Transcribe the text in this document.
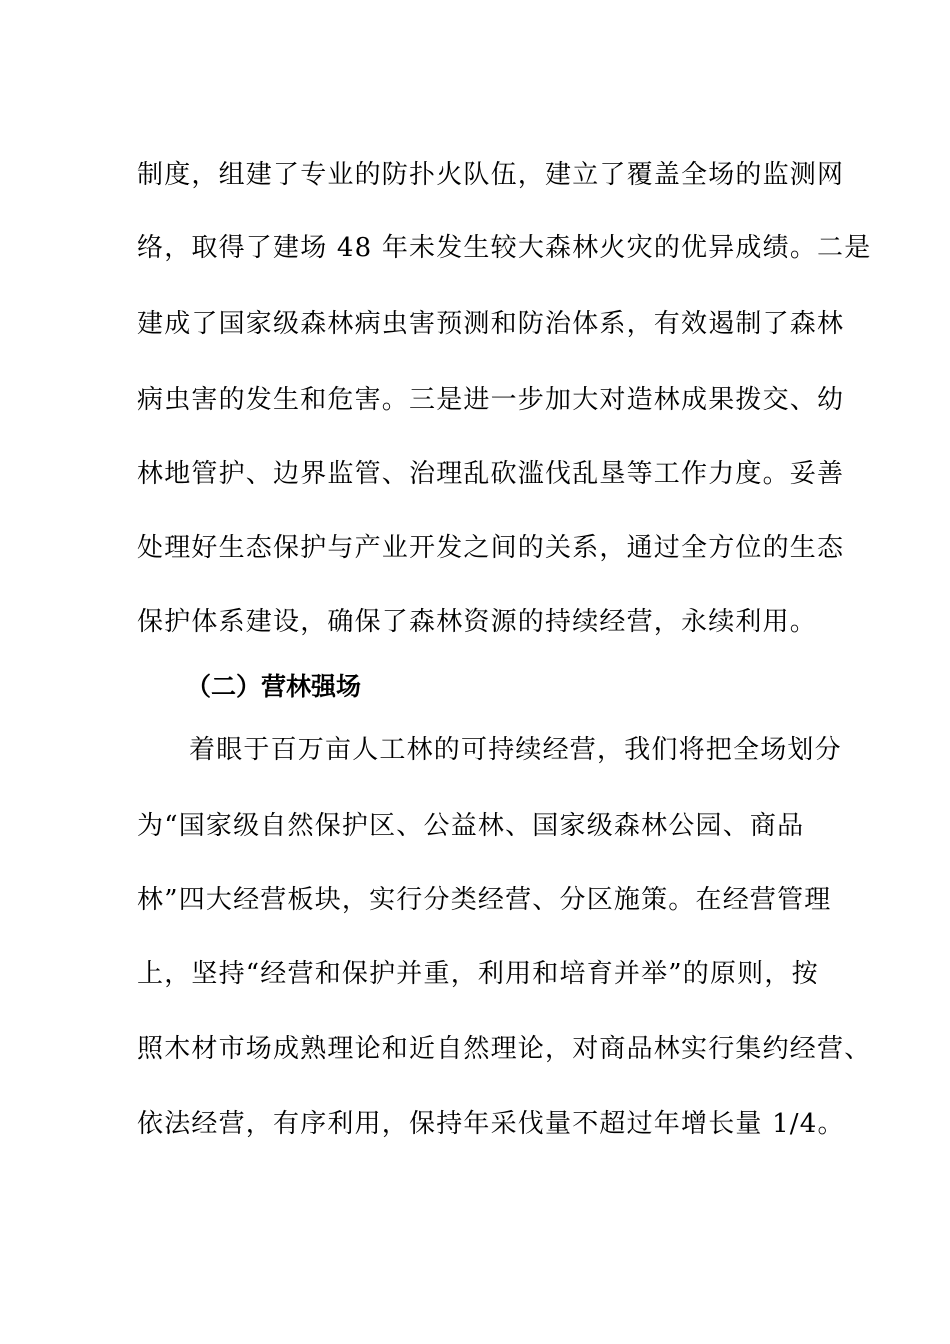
制度，组建了专业的防扑火队伍，建立了覆盖全场的监测网
络，取得了建场 48 年未发生较大森林火灾的优异成绩。二是
建成了国家级森林病虫害预测和防治体系，有效遏制了森林
病虫害的发生和危害。三是进一步加大对造林成果拨交、幼
林地管护、边界监管、治理乱砍滥伐乱垦等工作力度。妥善
处理好生态保护与产业开发之间的关系，通过全方位的生态
保护体系建设，确保了森林资源的持续经营，永续利用。
（二）营林强场
着眼于百万亩人工林的可持续经营，我们将把全场划分
为“国家级自然保护区、公益林、国家级森林公园、商品
林”四大经营板块，实行分类经营、分区施策。在经营管理
上，坚持“经营和保护并重，利用和培育并举”的原则，按
照木材市场成熟理论和近自然理论，对商品林实行集约经营、
依法经营，有序利用，保持年采伐量不超过年增长量 1/4。
